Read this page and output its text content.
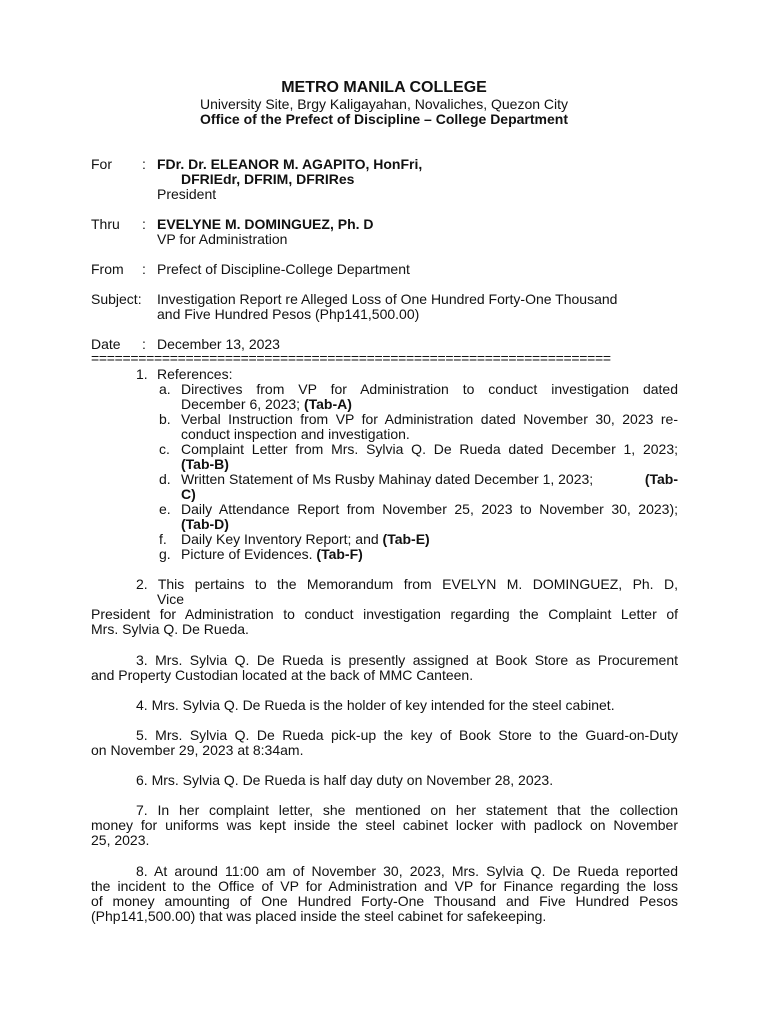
METRO MANILA COLLEGE
University Site, Brgy Kaligayahan, Novaliches, Quezon City
Office of the Prefect of Discipline – College Department
For : FDr. Dr. ELEANOR M. AGAPITO, HonFri,
DFRIEdr, DFRIM, DFRIRes
President
Thru : EVELYNE M. DOMINGUEZ, Ph. D
VP for Administration
From : Prefect of Discipline-College Department
Subject: Investigation Report re Alleged Loss of One Hundred Forty-One Thousand
and Five Hundred Pesos (Php141,500.00)
Date : December 13, 2023
==================================================================
1. References:
a. Directives from VP for Administration to conduct investigation dated
December 6, 2023; (Tab-A)
b. Verbal Instruction from VP for Administration dated November 30, 2023 re-
conduct inspection and investigation.
c. Complaint Letter from Mrs. Sylvia Q. De Rueda dated December 1, 2023;
(Tab-B)
d. Written Statement of Ms Rusby Mahinay dated December 1, 2023;	(Tab-
C)
e. Daily Attendance Report from November 25, 2023 to November 30, 2023);
(Tab-D)
f. Daily Key Inventory Report; and (Tab-E)
g. Picture of Evidences. (Tab-F)
2. This pertains to the Memorandum from EVELYN M. DOMINGUEZ, Ph. D,
Vice
President for Administration to conduct investigation regarding the Complaint Letter of
Mrs. Sylvia Q. De Rueda.
3. Mrs. Sylvia Q. De Rueda is presently assigned at Book Store as Procurement
and Property Custodian located at the back of MMC Canteen.
4. Mrs. Sylvia Q. De Rueda is the holder of key intended for the steel cabinet.
5. Mrs. Sylvia Q. De Rueda pick-up the key of Book Store to the Guard-on-Duty
on November 29, 2023 at 8:34am.
6. Mrs. Sylvia Q. De Rueda is half day duty on November 28, 2023.
7. In her complaint letter, she mentioned on her statement that the collection
money for uniforms was kept inside the steel cabinet locker with padlock on November
25, 2023.
8. At around 11:00 am of November 30, 2023, Mrs. Sylvia Q. De Rueda reported
the incident to the Office of VP for Administration and VP for Finance regarding the loss
of money amounting of One Hundred Forty-One Thousand and Five Hundred Pesos
(Php141,500.00) that was placed inside the steel cabinet for safekeeping.
